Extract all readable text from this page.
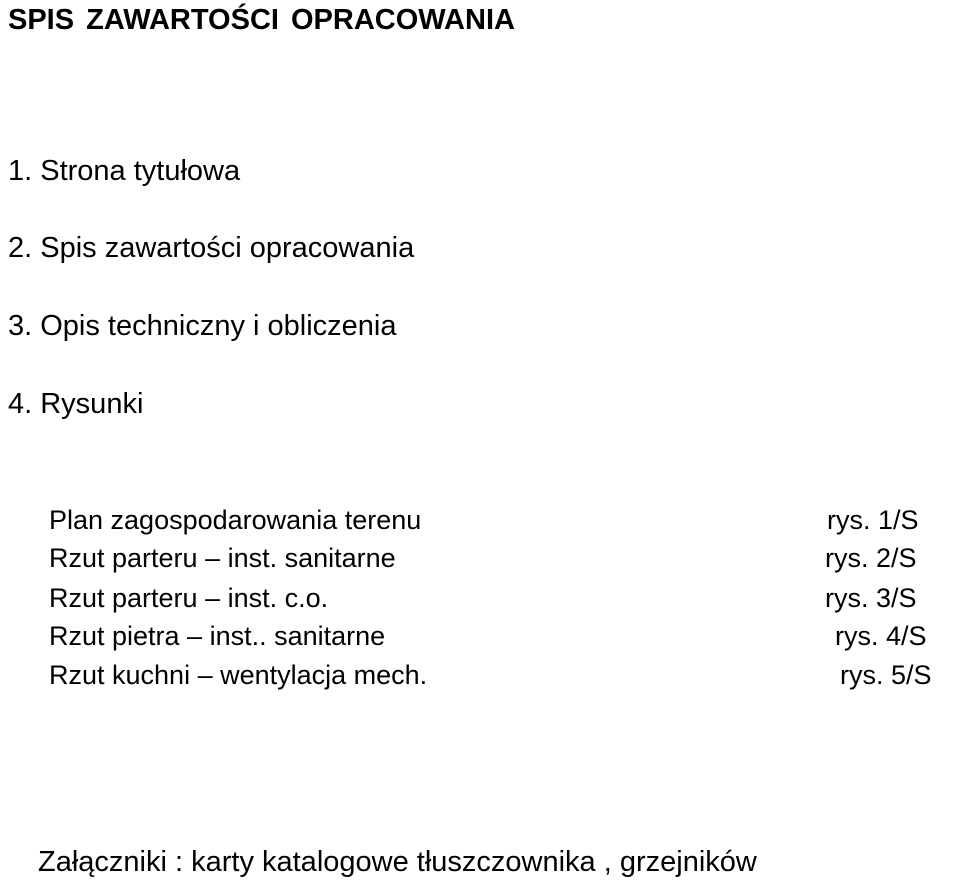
SPIS ZAWARTOŚCI OPRACOWANIA
1. Strona tytułowa
2. Spis zawartości opracowania
3. Opis techniczny i obliczenia
4. Rysunki
Plan zagospodarowania terenu	rys. 1/S
Rzut parteru – inst. sanitarne	rys. 2/S
Rzut parteru – inst. c.o.	rys. 3/S
Rzut pietra – inst.. sanitarne	rys. 4/S
Rzut kuchni – wentylacja mech.	rys. 5/S
Załączniki : karty katalogowe tłuszczownika , grzejników
